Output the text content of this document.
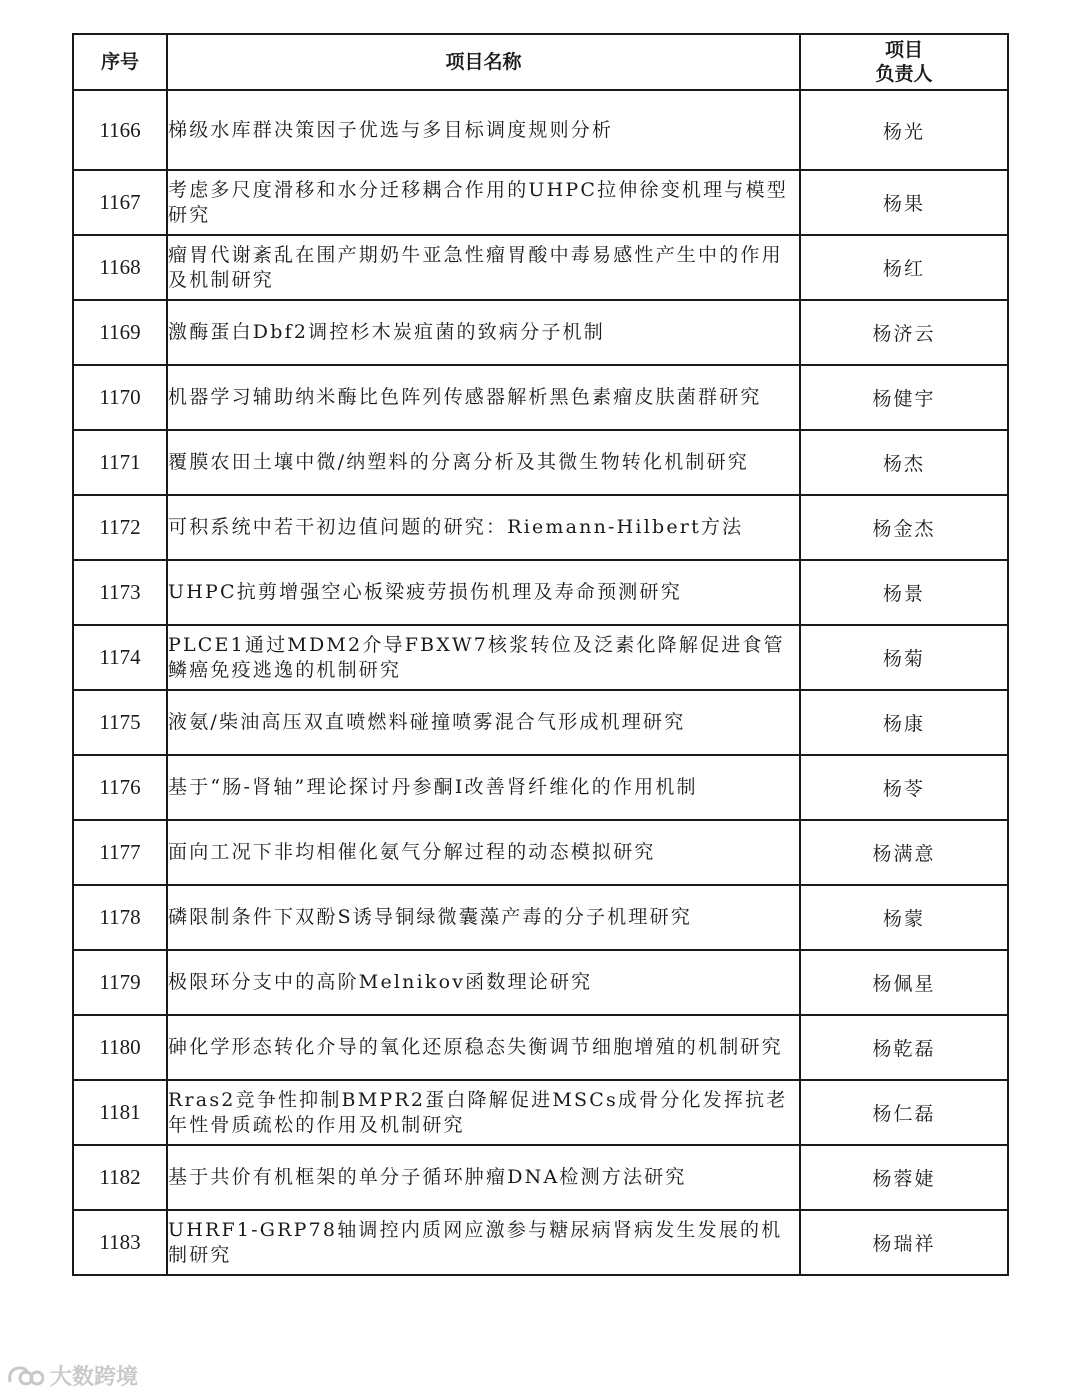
序号	项目名称	项目
负责人

1166	梯级水库群决策因子优选与多目标调度规则分析	杨光
1167	考虑多尺度滑移和水分迁移耦合作用的UHPC拉伸徐变机理与模型研究	杨果
1168	瘤胃代谢紊乱在围产期奶牛亚急性瘤胃酸中毒易感性产生中的作用及机制研究	杨红
1169	激酶蛋白Dbf2调控杉木炭疽菌的致病分子机制	杨济云
1170	机器学习辅助纳米酶比色阵列传感器解析黑色素瘤皮肤菌群研究	杨健宇
1171	覆膜农田土壤中微/纳塑料的分离分析及其微生物转化机制研究	杨杰
1172	可积系统中若干初边值问题的研究：Riemann-Hilbert方法	杨金杰
1173	UHPC抗剪增强空心板梁疲劳损伤机理及寿命预测研究	杨景
1174	PLCE1通过MDM2介导FBXW7核浆转位及泛素化降解促进食管鳞癌免疫逃逸的机制研究	杨菊
1175	液氨/柴油高压双直喷燃料碰撞喷雾混合气形成机理研究	杨康
1176	基于“肠-肾轴”理论探讨丹参酮I改善肾纤维化的作用机制	杨苓
1177	面向工况下非均相催化氨气分解过程的动态模拟研究	杨满意
1178	磷限制条件下双酚S诱导铜绿微囊藻产毒的分子机理研究	杨蒙
1179	极限环分支中的高阶Melnikov函数理论研究	杨佩星
1180	砷化学形态转化介导的氧化还原稳态失衡调节细胞增殖的机制研究	杨乾磊
1181	Rras2竞争性抑制BMPR2蛋白降解促进MSCs成骨分化发挥抗老年性骨质疏松的作用及机制研究	杨仁磊
1182	基于共价有机框架的单分子循环肿瘤DNA检测方法研究	杨蓉婕
1183	UHRF1-GRP78轴调控内质网应激参与糖尿病肾病发生发展的机制研究	杨瑞祥
大数跨境
